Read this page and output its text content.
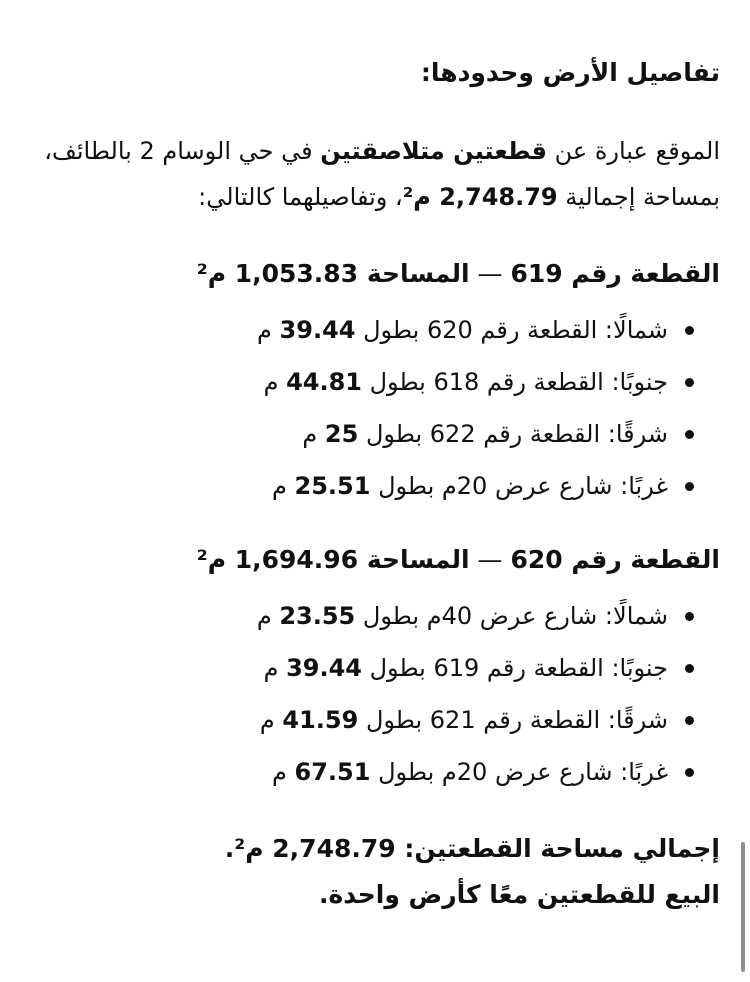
تفاصيل الأرض وحدودها:
الموقع عبارة عن قطعتين متلاصقتين في حي الوسام 2 بالطائف،
بمساحة إجمالية 2,748.79 م²، وتفاصيلهما كالتالي:
القطعة رقم 619 — المساحة 1,053.83 م²
شمالًا: القطعة رقم 620 بطول 39.44 م
جنوبًا: القطعة رقم 618 بطول 44.81 م
شرقًا: القطعة رقم 622 بطول 25 م
غربًا: شارع عرض 20م بطول 25.51 م
القطعة رقم 620 — المساحة 1,694.96 م²
شمالًا: شارع عرض 40م بطول 23.55 م
جنوبًا: القطعة رقم 619 بطول 39.44 م
شرقًا: القطعة رقم 621 بطول 41.59 م
غربًا: شارع عرض 20م بطول 67.51 م
إجمالي مساحة القطعتين: 2,748.79 م².
البيع للقطعتين معًا كأرض واحدة.
